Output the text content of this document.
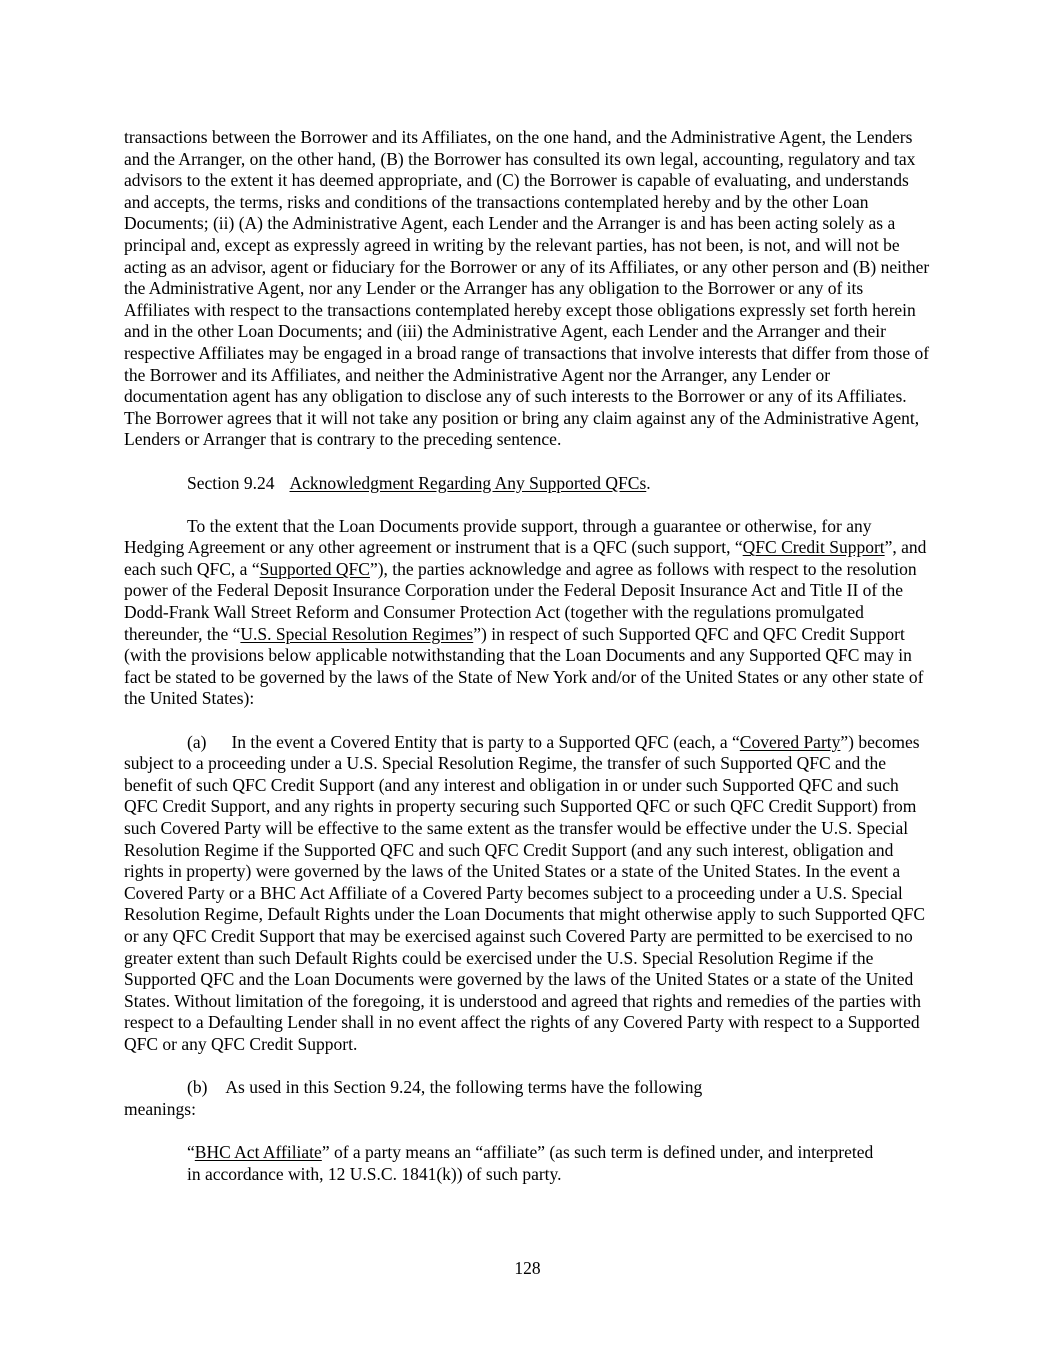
transactions between the Borrower and its Affiliates, on the one hand, and the Administrative Agent, the Lenders and the Arranger, on the other hand, (B) the Borrower has consulted its own legal, accounting, regulatory and tax advisors to the extent it has deemed appropriate, and (C) the Borrower is capable of evaluating, and understands and accepts, the terms, risks and conditions of the transactions contemplated hereby and by the other Loan Documents; (ii) (A) the Administrative Agent, each Lender and the Arranger is and has been acting solely as a principal and, except as expressly agreed in writing by the relevant parties, has not been, is not, and will not be acting as an advisor, agent or fiduciary for the Borrower or any of its Affiliates, or any other person and (B) neither the Administrative Agent, nor any Lender or the Arranger has any obligation to the Borrower or any of its Affiliates with respect to the transactions contemplated hereby except those obligations expressly set forth herein and in the other Loan Documents; and (iii) the Administrative Agent, each Lender and the Arranger and their respective Affiliates may be engaged in a broad range of transactions that involve interests that differ from those of the Borrower and its Affiliates, and neither the Administrative Agent nor the Arranger, any Lender or documentation agent has any obligation to disclose any of such interests to the Borrower or any of its Affiliates. The Borrower agrees that it will not take any position or bring any claim against any of the Administrative Agent, Lenders or Arranger that is contrary to the preceding sentence.

Section 9.24 Acknowledgment Regarding Any Supported QFCs.

To the extent that the Loan Documents provide support, through a guarantee or otherwise, for any Hedging Agreement or any other agreement or instrument that is a QFC (such support, “QFC Credit Support”, and each such QFC, a “Supported QFC”), the parties acknowledge and agree as follows with respect to the resolution power of the Federal Deposit Insurance Corporation under the Federal Deposit Insurance Act and Title II of the Dodd-Frank Wall Street Reform and Consumer Protection Act (together with the regulations promulgated thereunder, the “U.S. Special Resolution Regimes”) in respect of such Supported QFC and QFC Credit Support (with the provisions below applicable notwithstanding that the Loan Documents and any Supported QFC may in fact be stated to be governed by the laws of the State of New York and/or of the United States or any other state of the United States):

(a) In the event a Covered Entity that is party to a Supported QFC (each, a “Covered Party”) becomes subject to a proceeding under a U.S. Special Resolution Regime, the transfer of such Supported QFC and the benefit of such QFC Credit Support (and any interest and obligation in or under such Supported QFC and such QFC Credit Support, and any rights in property securing such Supported QFC or such QFC Credit Support) from such Covered Party will be effective to the same extent as the transfer would be effective under the U.S. Special Resolution Regime if the Supported QFC and such QFC Credit Support (and any such interest, obligation and rights in property) were governed by the laws of the United States or a state of the United States. In the event a Covered Party or a BHC Act Affiliate of a Covered Party becomes subject to a proceeding under a U.S. Special Resolution Regime, Default Rights under the Loan Documents that might otherwise apply to such Supported QFC or any QFC Credit Support that may be exercised against such Covered Party are permitted to be exercised to no greater extent than such Default Rights could be exercised under the U.S. Special Resolution Regime if the Supported QFC and the Loan Documents were governed by the laws of the United States or a state of the United States. Without limitation of the foregoing, it is understood and agreed that rights and remedies of the parties with respect to a Defaulting Lender shall in no event affect the rights of any Covered Party with respect to a Supported QFC or any QFC Credit Support.

(b) As used in this Section 9.24, the following terms have the following
meanings:

“BHC Act Affiliate” of a party means an “affiliate” (as such term is defined under, and interpreted in accordance with, 12 U.S.C. 1841(k)) of such party.

128
